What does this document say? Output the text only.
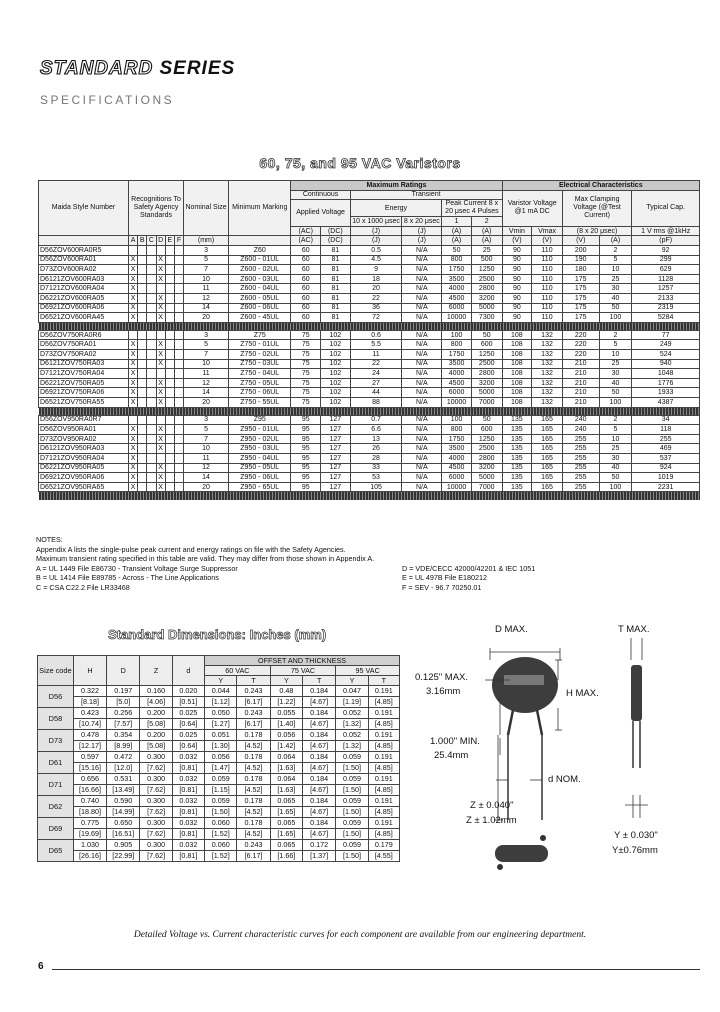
STANDARD SERIES
SPECIFICATIONS
60, 75, and 95 VAC Varistors
Maida Style Number	Recognitions To Safety Agency Standards						Nominal Size	Minimum Marking	Maximum Ratings						Electrical Characteristics				
									Continuous		Transient				Varistor Voltage @1 mA DC		Max Clamping Voltage (@Test Current)		Typical Cap.
									Applied Voltage		Energy		Peak Current 8 x 20 μsec 4 Pulses						

											10 x 1000 μsec	8 x 20 μsec	1	2					
									(AC)	(DC)	(J)	(J)	(A)	(A)	Vmin	Vmax	(8 x 20 μsec)		1 V rms @1kHz
	A	B	C	D	E	F	(mm)		(AC)	(DC)	(J)	(J)	(A)	(A)	(V)	(V)	(V)	(A)	(pF)
D56ZOV600RA0R5							3	Z60	60	81	0.5	N/A	50	25	90	110	200	2	92
D56ZOV600RA01	X			X			5	Z600 - 01UL	60	81	4.5	N/A	800	500	90	110	190	5	299
D73ZOV600RA02	X			X			7	Z600 - 02UL	60	81	9	N/A	1750	1250	90	110	180	10	629
D6121ZOV600RA03	X			X			10	Z600 - 03UL	60	81	18	N/A	3500	2500	90	110	175	25	1128
D7121ZOV600RA04	X						11	Z600 - 04UL	60	81	20	N/A	4000	2800	90	110	175	30	1257
D6221ZOV600RA05	X			X			12	Z600 - 05UL	60	81	22	N/A	4500	3200	90	110	175	40	2133
D6921ZOV600RA06	X			X			14	Z600 - 06UL	60	81	36	N/A	6000	5000	90	110	175	50	2319
D6521ZOV600RA45	X			X			20	Z600 - 45UL	60	81	72	N/A	10000	7300	90	110	175	100	5284

D56ZOV750RA0R6							3	Z75	75	102	0.6	N/A	100	50	108	132	220	2	77
D56ZOV750RA01	X			X			5	Z750 - 01UL	75	102	5.5	N/A	800	600	108	132	220	5	249
D73ZOV750RA02	X			X			7	Z750 - 02UL	75	102	11	N/A	1750	1250	108	132	220	10	524
D6121ZOV750RA03	X			X			10	Z750 - 03UL	75	102	22	N/A	3500	2500	108	132	210	25	940
D7121ZOV750RA04	X						11	Z750 - 04UL	75	102	24	N/A	4000	2800	108	132	210	30	1048
D6221ZOV750RA05	X			X			12	Z750 - 05UL	75	102	27	N/A	4500	3200	108	132	210	40	1776
D6921ZOV750RA06	X			X			14	Z750 - 06UL	75	102	44	N/A	6000	5000	108	132	210	50	1933
D6521ZOV750RA55	X			X			20	Z750 - 55UL	75	102	88	N/A	10000	7000	108	132	210	100	4387

D56ZOV950RA0R7							3	Z95	95	127	0.7	N/A	100	50	135	165	240	2	34
D56ZOV950RA01	X			X			5	Z950 - 01UL	95	127	6.6	N/A	800	600	135	165	240	5	118
D73ZOV950RA02	X			X			7	Z950 - 02UL	95	127	13	N/A	1750	1250	135	165	255	10	255
D6121ZOV950RA03	X			X			10	Z950 - 03UL	95	127	26	N/A	3500	2500	135	165	255	25	469
D7121ZOV950RA04	X						11	Z950 - 04UL	95	127	28	N/A	4000	2800	135	165	255	30	537
D6221ZOV950RA05	X			X			12	Z950 - 05UL	95	127	33	N/A	4500	3200	135	165	255	40	924
D6921ZOV950RA06	X			X			14	Z950 - 06UL	95	127	53	N/A	6000	5000	135	165	255	50	1019
D6521ZOV950RA65	X			X			20	Z950 - 65UL	95	127	105	N/A	10000	7000	135	165	255	100	2231

NOTES:
Appendix A lists the single-pulse peak current and energy ratings on file with the Safety Agencies.
Maximum transient rating specified in this table are valid. They may differ from those shown in Appendix A.
A = UL 1449 File E86730 - Transient Voltage Surge Suppressor	D = VDE/CECC 42000/42201 & IEC 1051
B = UL 1414 File E89785 - Across - The Line Applications	E = UL 497B File E180212
C = CSA C22.2 File LR33468	F = SEV - 96.7 70250.01
Standard Dimensions: Inches (mm)
Size code	H	D	Z	d	OFFSET AND THICKNESS					
					60 VAC		75 VAC		95 VAC	

					Y	T	Y	T	Y	T
D56	0.322	0.197	0.160	0.020	0.044	0.243	0.48	0.184	0.047	0.191
	[8.18]	[5.0]	[4.06]	[0.51]	[1.12]	[6.17]	[1.22]	[4.67]	[1.19]	[4.85]
D58	0.423	0.256	0.200	0.025	0.050	0.243	0.055	0.184	0.052	0.191
	[10.74]	[7.57]	[5.08]	[0.64]	[1.27]	[6.17]	[1.40]	[4.67]	[1.32]	[4.85]
D73	0.478	0.354	0.200	0.025	0.051	0.178	0.056	0.184	0.052	0.191
	[12.17]	[8.99]	[5.08]	[0.64]	[1.30]	[4.52]	[1.42]	[4.67]	[1.32]	[4.85]
D61	0.597	0.472	0.300	0.032	0.056	0.178	0.064	0.184	0.059	0.191
	[15.16]	[12.0]	[7.62]	[0.81]	[1.47]	[4.52]	[1.63]	[4.67]	[1.50]	[4.85]
D71	0.656	0.531	0.300	0.032	0.059	0.178	0.064	0.184	0.059	0.191
	[16.66]	[13.49]	[7.62]	[0.81]	[1.15]	[4.52]	[1.63]	[4.67]	[1.50]	[4.85]
D62	0.740	0.590	0.300	0.032	0.059	0.178	0.065	0.184	0.059	0.191
	[18.80]	[14.99]	[7.62]	[0.81]	[1.50]	[4.52]	[1.65]	[4.67]	[1.50]	[4.85]
D69	0.775	0.650	0.300	0.032	0.060	0.178	0.065	0.184	0.059	0.191
	[19.69]	[16.51]	[7.62]	[0.81]	[1.52]	[4.52]	[1.65]	[4.67]	[1.50]	[4.85]
D65	1.030	0.905	0.300	0.032	0.060	0.243	0.065	0.172	0.059	0.179
	[26.16]	[22.99]	[7.62]	[0.81]	[1.52]	[6.17]	[1.66]	[1.37]	[1.50]	[4.55]
D MAX.	T MAX.
0.125" MAX.
3.16mm	H MAX.
1.000" MIN.
25.4mm
d NOM.
Z ± 0.040"
Z ± 1.02mm
Y ± 0.030"
Y±0.76mm
Detailed Voltage vs. Current characteristic curves for each component are available from our engineering department.
6
